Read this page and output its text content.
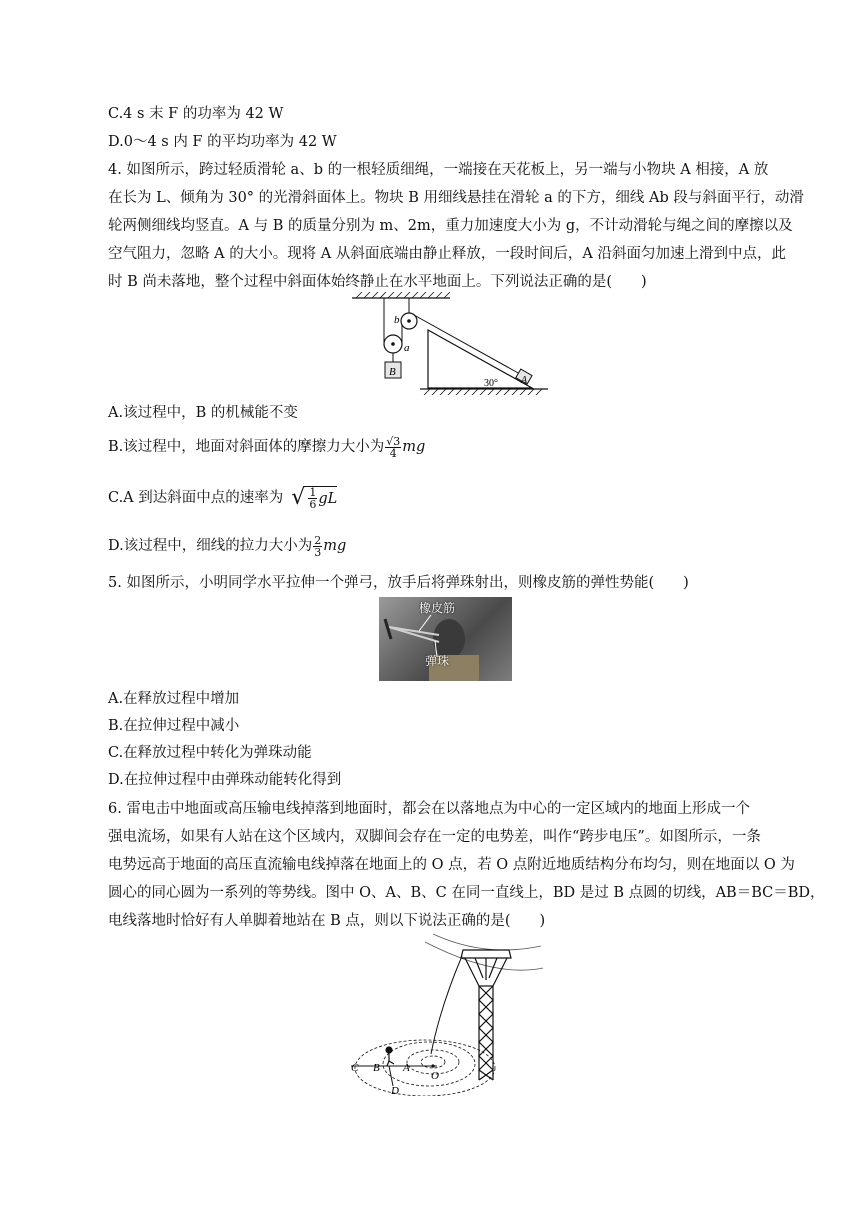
C.4 s 末 F 的功率为 42 W
D.0～4 s 内 F 的平均功率为 42 W
4. 如图所示，跨过轻质滑轮 a、b 的一根轻质细绳，一端接在天花板上，另一端与小物块 A 相接，A 放
在长为 L、倾角为 30° 的光滑斜面体上。物块 B 用细线悬挂在滑轮 a 的下方，细线 Ab 段与斜面平行，动滑
轮两侧细线均竖直。A 与 B 的质量分别为 m、2m，重力加速度大小为 g，不计动滑轮与绳之间的摩擦以及
空气阻力，忽略 A 的大小。现将 A 从斜面底端由静止释放，一段时间后，A 沿斜面匀加速上滑到中点，此
时 B 尚未落地，整个过程中斜面体始终静止在水平地面上。下列说法正确的是(　　)
b
a
B
A
30°
A.该过程中，B 的机械能不变
B.该过程中，地面对斜面体的摩擦力大小为 $\frac{√3}{4}$ mg
C.A 到达斜面中点的速率为 √ $\frac{1}{6}$ gL
D.该过程中，细线的拉力大小为 $\frac{2}{3}$ mg
5. 如图所示，小明同学水平拉伸一个弹弓，放手后将弹珠射出，则橡皮筋的弹性势能(　　)
橡皮筋
弹珠
A.在释放过程中增加
B.在拉伸过程中减小
C.在释放过程中转化为弹珠动能
D.在拉伸过程中由弹珠动能转化得到
6. 雷电击中地面或高压输电线掉落到地面时，都会在以落地点为中心的一定区域内的地面上形成一个
强电流场，如果有人站在这个区域内，双脚间会存在一定的电势差，叫作“跨步电压”。如图所示，一条
电势远高于地面的高压直流输电线掉落在地面上的 O 点，若 O 点附近地质结构分布均匀，则在地面以 O 为
圆心的同心圆为一系列的等势线。图中 O、A、B、C 在同一直线上，BD 是过 B 点圆的切线，AB＝BC＝BD，
电线落地时恰好有人单脚着地站在 B 点，则以下说法正确的是(　　)
C B A
O
D
